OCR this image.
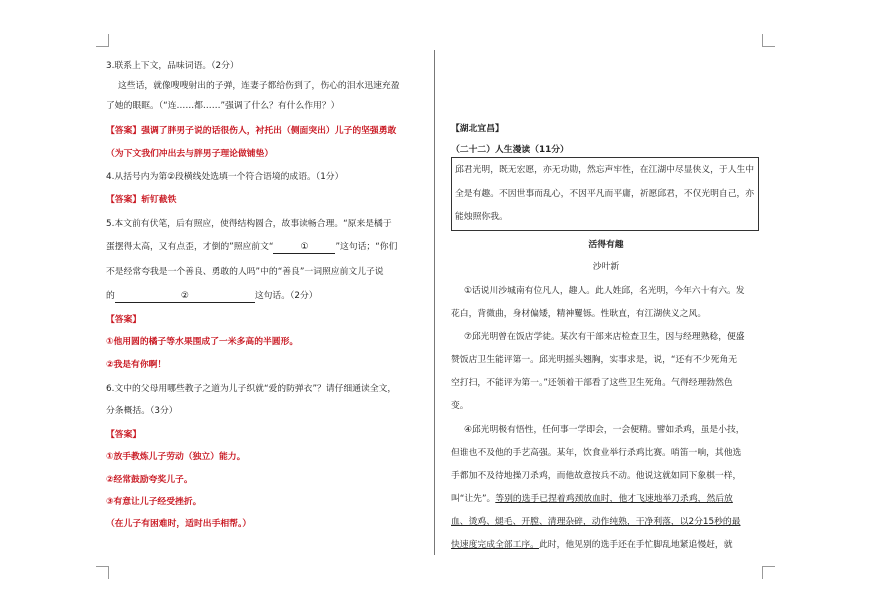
3.联系上下文，品味词语。（2分）
这些话，就像嗖嗖射出的子弹，连妻子都给伤到了，伤心的泪水迅速充盈
了她的眼眶。（“连……都……”强调了什么？有什么作用？）
【答案】强调了胖男子说的话很伤人，衬托出（侧面突出）儿子的坚强勇敢
（为下文我们冲出去与胖男子理论做铺垫）
4.从括号内为第②段横线处选填一个符合语境的成语。（1分）
【答案】斩钉截铁
5.本文前有伏笔，后有照应，使得结构圆合，故事读畅合理。“原来是橘于
蛋摆得太高，又有点歪，才倒的”照应前文“	①	”这句话；“你们
不是经常夸我是一个善良、勇敢的人吗”中的“善良”一词照应前文儿子说
的	②	这句话。（2分）
【答案】
①他用圆的橘子等水果围成了一米多高的半圆形。
②我是有你啊！
6.文中的父母用哪些教子之道为儿子织就“爱的防弹衣”？请仔细通读全文，
分条概括。（3分）
【答案】
①放手教炼儿子劳动（独立）能力。
②经常鼓励夸奖儿子。
③有意让儿子经受挫折。
（在儿子有困难时，适时出手相帮。）
【湖北宜昌】
（二十二）人生漫读（11分）
邱君光明，既无宏愿，亦无功勋，然忘声牢性，在江湖中尽显侠义，于人生中
全是有趣。不因世事而乱心，不因平凡而平庸，祈愿邱君，不仅光明自己，亦
能烛照你我。
活得有趣
沙叶新
①话说川沙城南有位凡人，趣人。此人姓邱，名光明，今年六十有六。发
花白，背微曲，身材偏矮，精神矍铄。性耿直，有江湖侠义之风。
⑦邱光明曾在饭店学徒。某次有干部来店检查卫生，因与经理熟稔，便盛
赞饭店卫生能评第一。邱光明摇头翘胸，实事求是，说，“还有不少死角无
空打扫，不能评为第一。”还领着干部看了这些卫生死角。气得经理勃然色
变。
④邱光明极有悟性，任何事一学即会，一会便精。譬如杀鸡，虽是小技，
但谁也不及他的手艺高强。某年，饮食业举行杀鸡比赛。哨笛一响，其他选
手都加不及待地操刀杀鸡，而他故意按兵不动。他说这就如同下象棋一样，
叫“让先”。等别的选手已捏着鸡颈放血时，他才飞速地举刀杀鸡，然后放
血、烫鸡、煺毛、开膛、清理杂碎，动作纯熟，干净利落，以2分15秒的最
快速度完成全部工序。此时，他见别的选手还在手忙脚乱地紧追慢赶，就
